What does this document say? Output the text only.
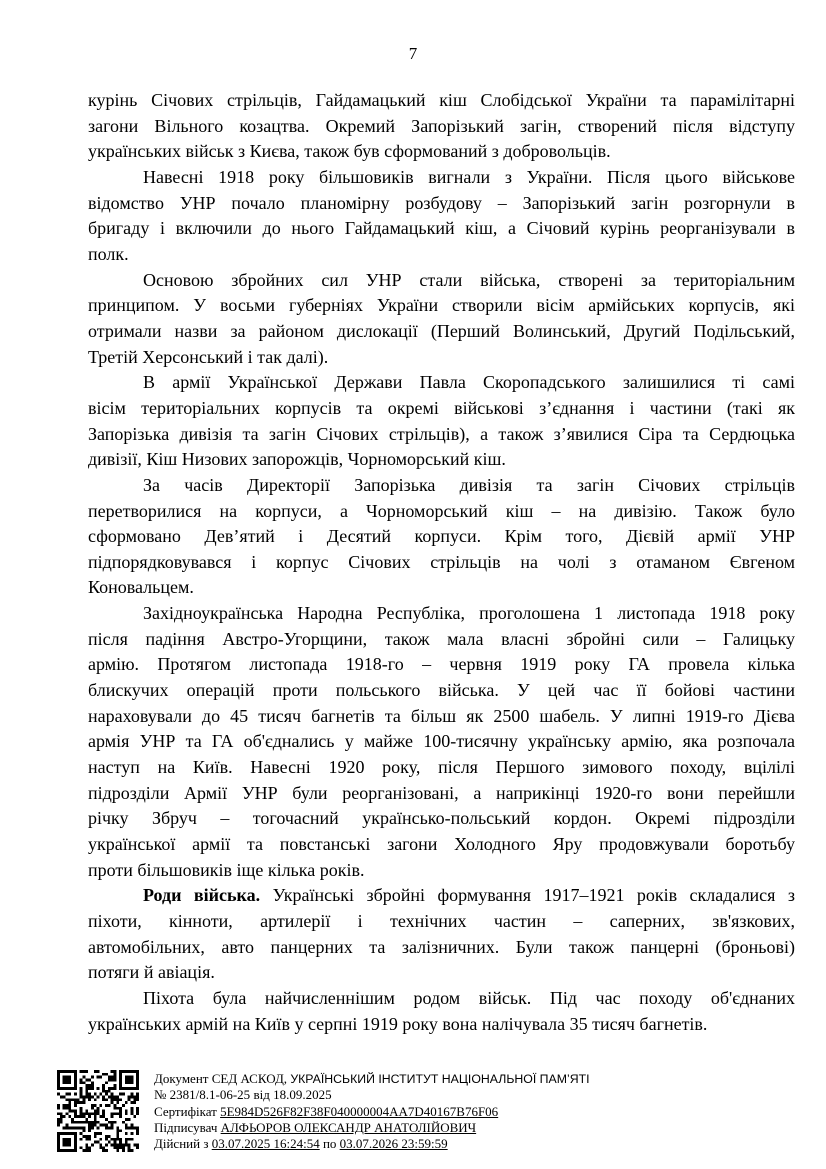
7
курінь Січових стрільців, Гайдамацький кіш Слобідської України та парамілітарні
загони Вільного козацтва. Окремий Запорізький загін, створений після відступу
українських військ з Києва, також був сформований з добровольців.
Навесні 1918 року більшовиків вигнали з України. Після цього військове
відомство УНР почало планомірну розбудову – Запорізький загін розгорнули в
бригаду і включили до нього Гайдамацький кіш, а Січовий курінь реорганізували в
полк.
Основою збройних сил УНР стали війська, створені за територіальним
принципом. У восьми губерніях України створили вісім армійських корпусів, які
отримали назви за районом дислокації (Перший Волинський, Другий Подільський,
Третій Херсонський і так далі).
В армії Української Держави Павла Скоропадського залишилися ті самі
вісім територіальних корпусів та окремі військові з’єднання і частини (такі як
Запорізька дивізія та загін Січових стрільців), а також з’явилися Сіра та Сердюцька
дивізії, Кіш Низових запорожців, Чорноморський кіш.
За часів Директорії Запорізька дивізія та загін Січових стрільців
перетворилися на корпуси, а Чорноморський кіш – на дивізію. Також було
сформовано Дев’ятий і Десятий корпуси. Крім того, Дієвій армії УНР
підпорядковувався і корпус Січових стрільців на чолі з отаманом Євгеном
Коновальцем.
Західноукраїнська Народна Республіка, проголошена 1 листопада 1918 року
після падіння Австро-Угорщини, також мала власні збройні сили – Галицьку
армію. Протягом листопада 1918-го – червня 1919 року ГА провела кілька
блискучих операцій проти польського війська. У цей час її бойові частини
нараховували до 45 тисяч багнетів та більш як 2500 шабель. У липні 1919-го Дієва
армія УНР та ГА об'єднались у майже 100-тисячну українську армію, яка розпочала
наступ на Київ. Навесні 1920 року, після Першого зимового походу, вцілілі
підрозділи Армії УНР були реорганізовані, а наприкінці 1920-го вони перейшли
річку Збруч – тогочасний українсько-польський кордон. Окремі підрозділи
української армії та повстанські загони Холодного Яру продовжували боротьбу
проти більшовиків іще кілька років.
Роди війська. Українські збройні формування 1917–1921 років складалися з
піхоти, кінноти, артилерії і технічних частин – саперних, зв'язкових,
автомобільних, авто панцерних та залізничних. Були також панцерні (броньові)
потяги й авіація.
Піхота була найчисленнішим родом військ. Під час походу об'єднаних
українських армій на Київ у серпні 1919 року вона налічувала 35 тисяч багнетів.
Документ СЕД АСКОД, УКРАЇНСЬКИЙ ІНСТИТУТ НАЦІОНАЛЬНОЇ ПАМ’ЯТІ
№ 2381/8.1-06-25 від 18.09.2025
Сертифікат 5E984D526F82F38F040000004AA7D40167B76F06
Підписувач АЛФЬОРОВ ОЛЕКСАНДР АНАТОЛІЙОВИЧ
Дійсний з 03.07.2025 16:24:54 по 03.07.2026 23:59:59
